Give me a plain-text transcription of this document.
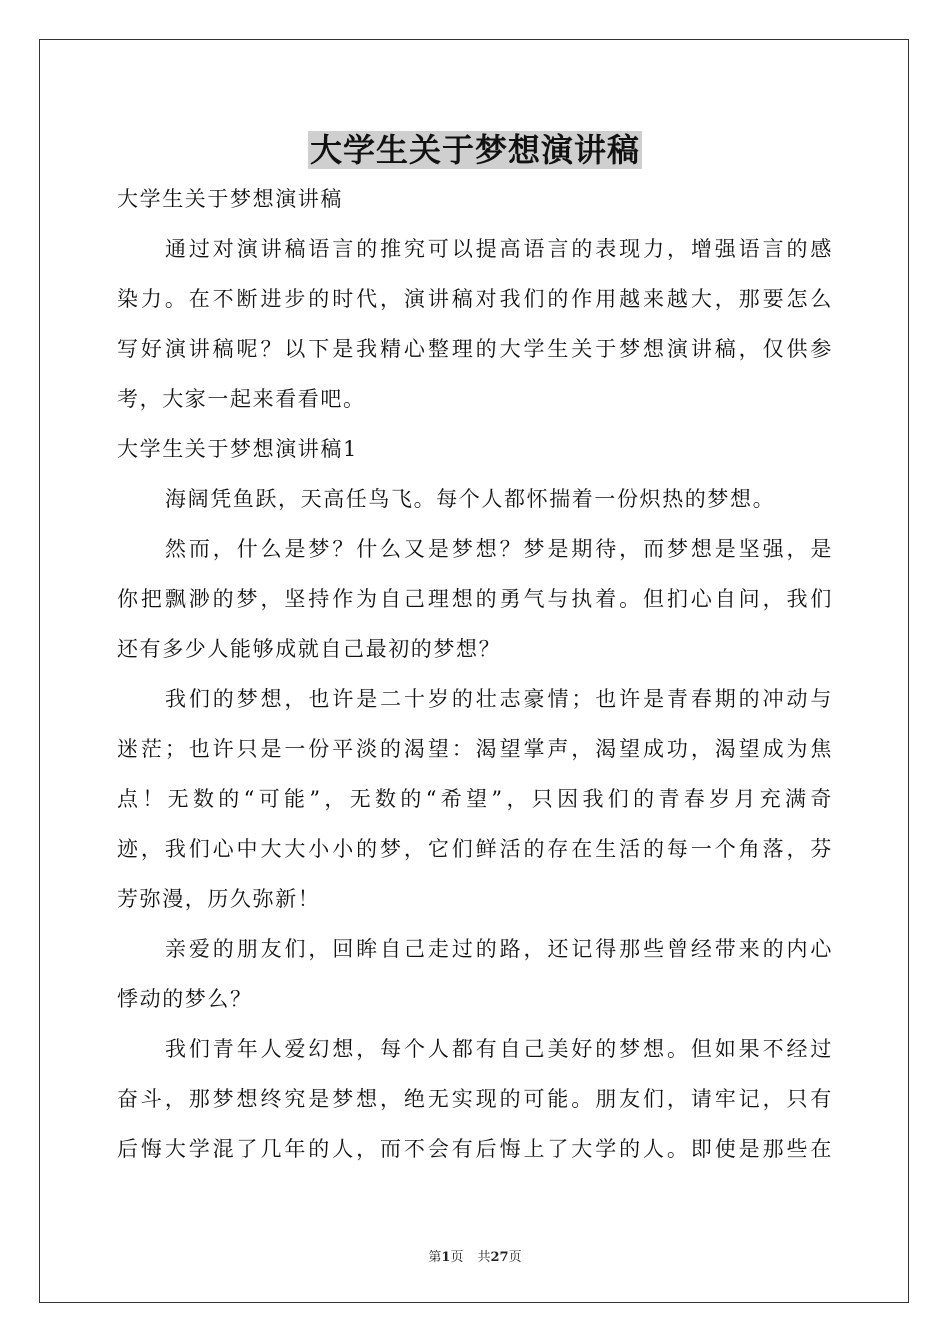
大学生关于梦想演讲稿
大学生关于梦想演讲稿
通过对演讲稿语言的推究可以提高语言的表现力，增强语言的感
染力。在不断进步的时代，演讲稿对我们的作用越来越大，那要怎么
写好演讲稿呢？以下是我精心整理的大学生关于梦想演讲稿，仅供参
考，大家一起来看看吧。
大学生关于梦想演讲稿1
海阔凭鱼跃，天高任鸟飞。每个人都怀揣着一份炽热的梦想。
然而，什么是梦？什么又是梦想？梦是期待，而梦想是坚强，是
你把飘渺的梦，坚持作为自己理想的勇气与执着。但扪心自问，我们
还有多少人能够成就自己最初的梦想？
我们的梦想，也许是二十岁的壮志豪情；也许是青春期的冲动与
迷茫；也许只是一份平淡的渴望：渴望掌声，渴望成功，渴望成为焦
点！无数的“可能”，无数的“希望”，只因我们的青春岁月充满奇
迹，我们心中大大小小的梦，它们鲜活的存在生活的每一个角落，芬
芳弥漫，历久弥新！
亲爱的朋友们，回眸自己走过的路，还记得那些曾经带来的内心
悸动的梦么？
我们青年人爱幻想，每个人都有自己美好的梦想。但如果不经过
奋斗，那梦想终究是梦想，绝无实现的可能。朋友们，请牢记，只有
后悔大学混了几年的人，而不会有后悔上了大学的人。即使是那些在
第1页 共27页
